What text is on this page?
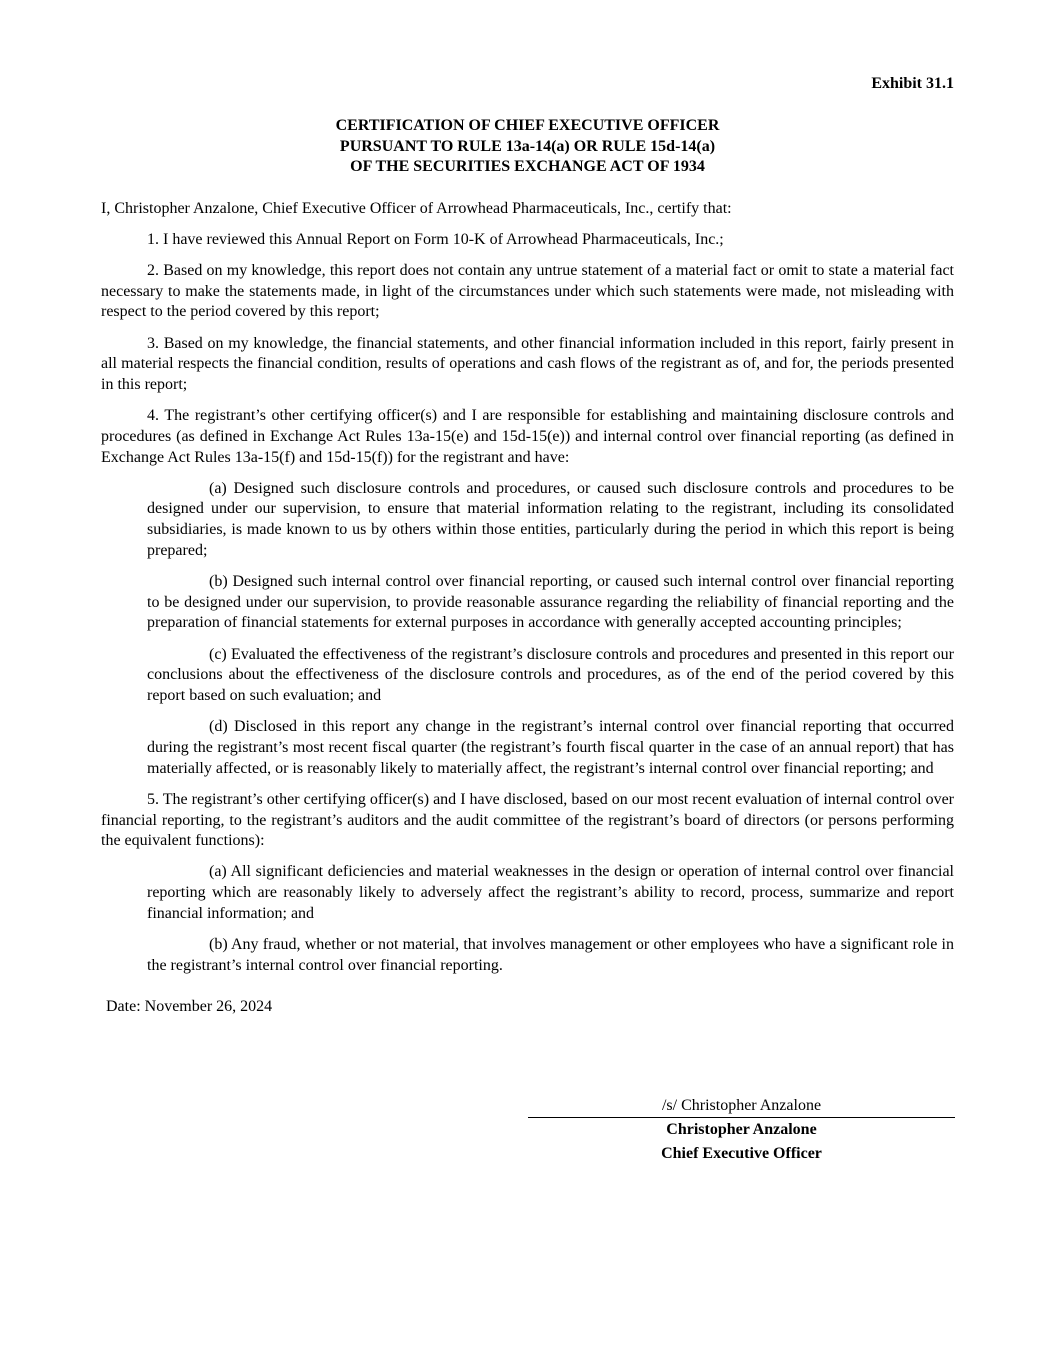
Exhibit 31.1
CERTIFICATION OF CHIEF EXECUTIVE OFFICER
PURSUANT TO RULE 13a-14(a) OR RULE 15d-14(a)
OF THE SECURITIES EXCHANGE ACT OF 1934

I, Christopher Anzalone, Chief Executive Officer of Arrowhead Pharmaceuticals, Inc., certify that:

1. I have reviewed this Annual Report on Form 10-K of Arrowhead Pharmaceuticals, Inc.;

2. Based on my knowledge, this report does not contain any untrue statement of a material fact or omit to state a material fact necessary to make the statements made, in light of the circumstances under which such statements were made, not misleading with respect to the period covered by this report;

3. Based on my knowledge, the financial statements, and other financial information included in this report, fairly present in all material respects the financial condition, results of operations and cash flows of the registrant as of, and for, the periods presented in this report;

4. The registrant’s other certifying officer(s) and I are responsible for establishing and maintaining disclosure controls and procedures (as defined in Exchange Act Rules 13a-15(e) and 15d-15(e)) and internal control over financial reporting (as defined in Exchange Act Rules 13a-15(f) and 15d-15(f)) for the registrant and have:

(a) Designed such disclosure controls and procedures, or caused such disclosure controls and procedures to be designed under our supervision, to ensure that material information relating to the registrant, including its consolidated subsidiaries, is made known to us by others within those entities, particularly during the period in which this report is being prepared;

(b) Designed such internal control over financial reporting, or caused such internal control over financial reporting to be designed under our supervision, to provide reasonable assurance regarding the reliability of financial reporting and the preparation of financial statements for external purposes in accordance with generally accepted accounting principles;

(c) Evaluated the effectiveness of the registrant’s disclosure controls and procedures and presented in this report our conclusions about the effectiveness of the disclosure controls and procedures, as of the end of the period covered by this report based on such evaluation; and

(d) Disclosed in this report any change in the registrant’s internal control over financial reporting that occurred during the registrant’s most recent fiscal quarter (the registrant’s fourth fiscal quarter in the case of an annual report) that has materially affected, or is reasonably likely to materially affect, the registrant’s internal control over financial reporting; and

5. The registrant’s other certifying officer(s) and I have disclosed, based on our most recent evaluation of internal control over financial reporting, to the registrant’s auditors and the audit committee of the registrant’s board of directors (or persons performing the equivalent functions):

(a) All significant deficiencies and material weaknesses in the design or operation of internal control over financial reporting which are reasonably likely to adversely affect the registrant’s ability to record, process, summarize and report financial information; and

(b) Any fraud, whether or not material, that involves management or other employees who have a significant role in the registrant’s internal control over financial reporting.

Date: November 26, 2024

/s/ Christopher Anzalone
Christopher Anzalone
Chief Executive Officer
